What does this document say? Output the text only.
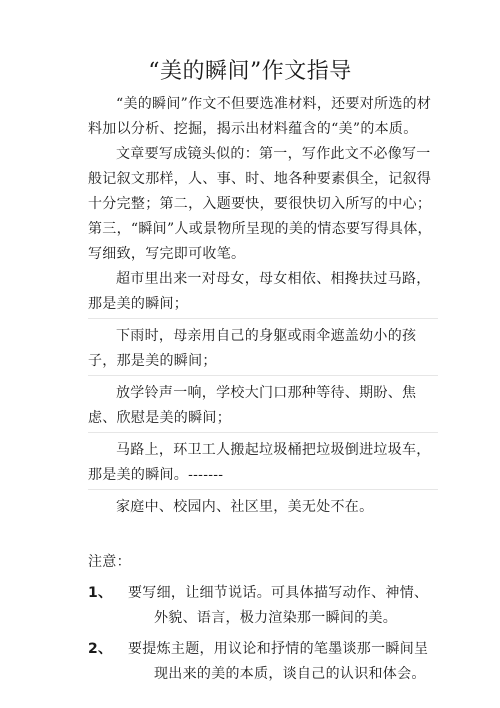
“美的瞬间”作文指导

“美的瞬间”作文不但要选准材料，还要对所选的材料加以分析、挖掘，揭示出材料蕴含的“美”的本质。

文章要写成镜头似的：第一，写作此文不必像写一般记叙文那样，人、事、时、地各种要素俱全，记叙得十分完整；第二，入题要快，要很快切入所写的中心；第三，“瞬间”人或景物所呈现的美的情态要写得具体，写细致，写完即可收笔。

超市里出来一对母女，母女相依、相搀扶过马路，那是美的瞬间；

下雨时，母亲用自己的身躯或雨伞遮盖幼小的孩子，那是美的瞬间；

放学铃声一响，学校大门口那种等待、期盼、焦虑、欣慰是美的瞬间；

马路上，环卫工人搬起垃圾桶把垃圾倒进垃圾车，那是美的瞬间。-------

家庭中、校园内、社区里，美无处不在。

注意：

1、 要写细，让细节说话。可具体描写动作、神情、外貌、语言，极力渲染那一瞬间的美。

2、 要提炼主题，用议论和抒情的笔墨谈那一瞬间呈现出来的美的本质，谈自己的认识和体会。
